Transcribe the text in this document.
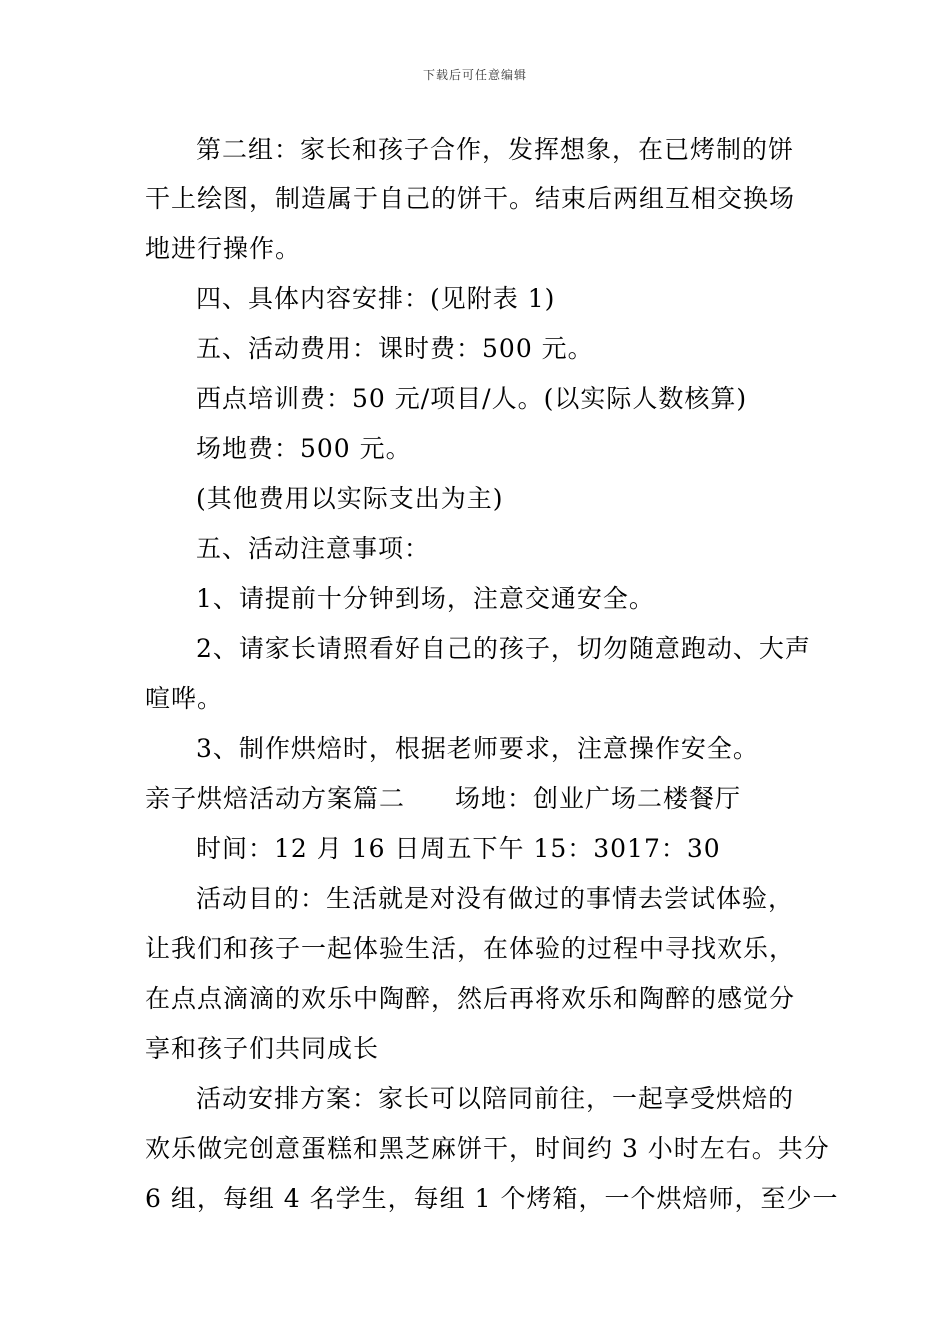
下载后可任意编辑
第二组：家长和孩子合作，发挥想象，在已烤制的饼
干上绘图，制造属于自己的饼干。结束后两组互相交换场
地进行操作。
四、具体内容安排：(见附表 1)
五、活动费用：课时费：500 元。
西点培训费：50 元/项目/人。(以实际人数核算)
场地费：500 元。
(其他费用以实际支出为主)
五、活动注意事项：
1、请提前十分钟到场，注意交通安全。
2、请家长请照看好自己的孩子，切勿随意跑动、大声
喧哗。
3、制作烘焙时，根据老师要求，注意操作安全。
亲子烘焙活动方案篇二 场地：创业广场二楼餐厅
时间：12 月 16 日周五下午 15：3017：30
活动目的：生活就是对没有做过的事情去尝试体验，
让我们和孩子一起体验生活，在体验的过程中寻找欢乐，
在点点滴滴的欢乐中陶醉，然后再将欢乐和陶醉的感觉分
享和孩子们共同成长
活动安排方案：家长可以陪同前往，一起享受烘焙的
欢乐做完创意蛋糕和黑芝麻饼干，时间约 3 小时左右。共分
6 组，每组 4 名学生，每组 1 个烤箱，一个烘焙师，至少一
